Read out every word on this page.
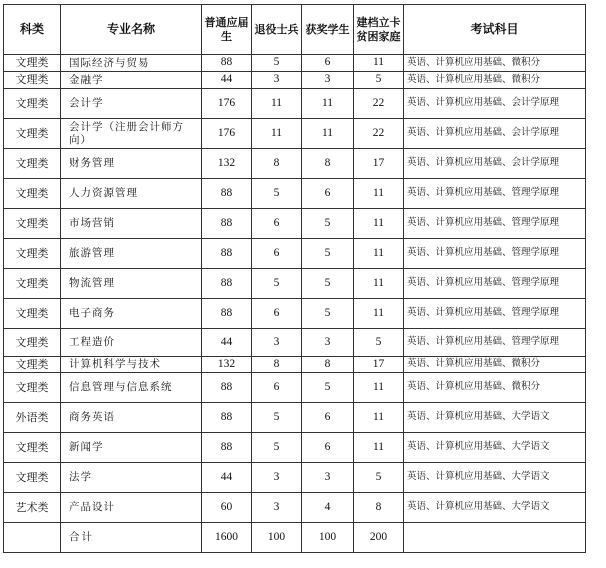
科类	专业名称	普通应届生	退役士兵	获奖学生	建档立卡贫困家庭	考试科目
文理类	国际经济与贸易	88	5	6	11	英语、计算机应用基础、微积分
文理类	金融学	44	3	3	5	英语、计算机应用基础、微积分
文理类	会计学	176	11	11	22	英语、计算机应用基础、会计学原理
文理类	会计学（注册会计师方向）	176	11	11	22	英语、计算机应用基础、会计学原理
文理类	财务管理	132	8	8	17	英语、计算机应用基础、会计学原理
文理类	人力资源管理	88	5	6	11	英语、计算机应用基础、管理学原理
文理类	市场营销	88	6	5	11	英语、计算机应用基础、管理学原理
文理类	旅游管理	88	6	5	11	英语、计算机应用基础、管理学原理
文理类	物流管理	88	5	5	11	英语、计算机应用基础、管理学原理
文理类	电子商务	88	6	5	11	英语、计算机应用基础、管理学原理
文理类	工程造价	44	3	3	5	英语、计算机应用基础、管理学原理
文理类	计算机科学与技术	132	8	8	17	英语、计算机应用基础、微积分
文理类	信息管理与信息系统	88	6	5	11	英语、计算机应用基础、微积分
外语类	商务英语	88	5	6	11	英语、计算机应用基础、大学语文
文理类	新闻学	88	5	6	11	英语、计算机应用基础、大学语文
文理类	法学	44	3	3	5	英语、计算机应用基础、大学语文
艺术类	产品设计	60	3	4	8	英语、计算机应用基础、大学语文
	合计	1600	100	100	200	
